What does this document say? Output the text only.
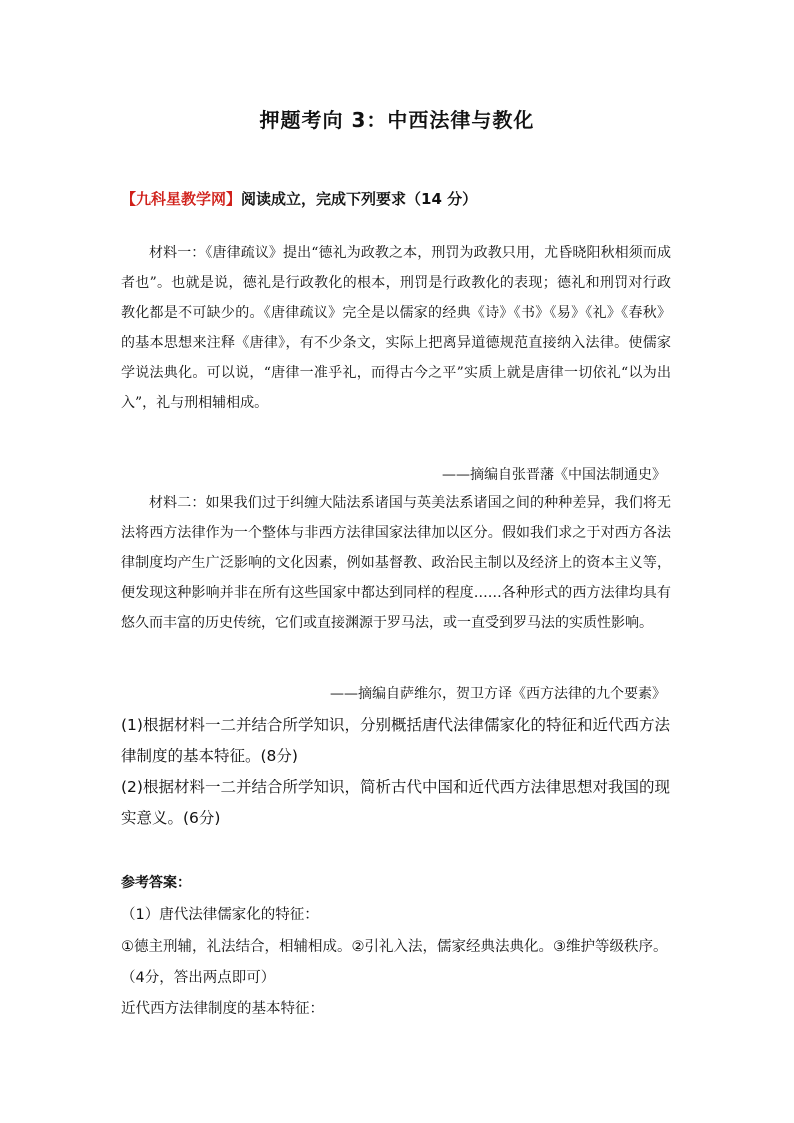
押题考向 3：中西法律与教化
【九科星教学网】阅读成立，完成下列要求（14 分）

材料一：《唐律疏议》提出“德礼为政教之本，刑罚为政教只用，尤昏晓阳秋相须而成者也”。也就是说，德礼是行政教化的根本，刑罚是行政教化的表现；德礼和刑罚对行政教化都是不可缺少的。《唐律疏议》完全是以儒家的经典《诗》《书》《易》《礼》《春秋》的基本思想来注释《唐律》，有不少条文，实际上把离异道德规范直接纳入法律。使儒家学说法典化。可以说，“唐律一准乎礼，而得古今之平”实质上就是唐律一切依礼“以为出入”，礼与刑相辅相成。

——摘编自张晋藩《中国法制通史》

材料二：如果我们过于纠缠大陆法系诸国与英美法系诸国之间的种种差异，我们将无法将西方法律作为一个整体与非西方法律国家法律加以区分。假如我们求之于对西方各法律制度均产生广泛影响的文化因素，例如基督教、政治民主制以及经济上的资本主义等，便发现这种影响并非在所有这些国家中都达到同样的程度……各种形式的西方法律均具有悠久而丰富的历史传统，它们或直接渊源于罗马法，或一直受到罗马法的实质性影响。

——摘编自萨维尔，贺卫方译《西方法律的九个要素》

(1)根据材料一二并结合所学知识，分别概括唐代法律儒家化的特征和近代西方法律制度的基本特征。(8分)

(2)根据材料一二并结合所学知识，简析古代中国和近代西方法律思想对我国的现实意义。(6分)

参考答案：

（1）唐代法律儒家化的特征：

①德主刑辅，礼法结合，相辅相成。②引礼入法，儒家经典法典化。③维护等级秩序。（4分，答出两点即可）

近代西方法律制度的基本特征：
